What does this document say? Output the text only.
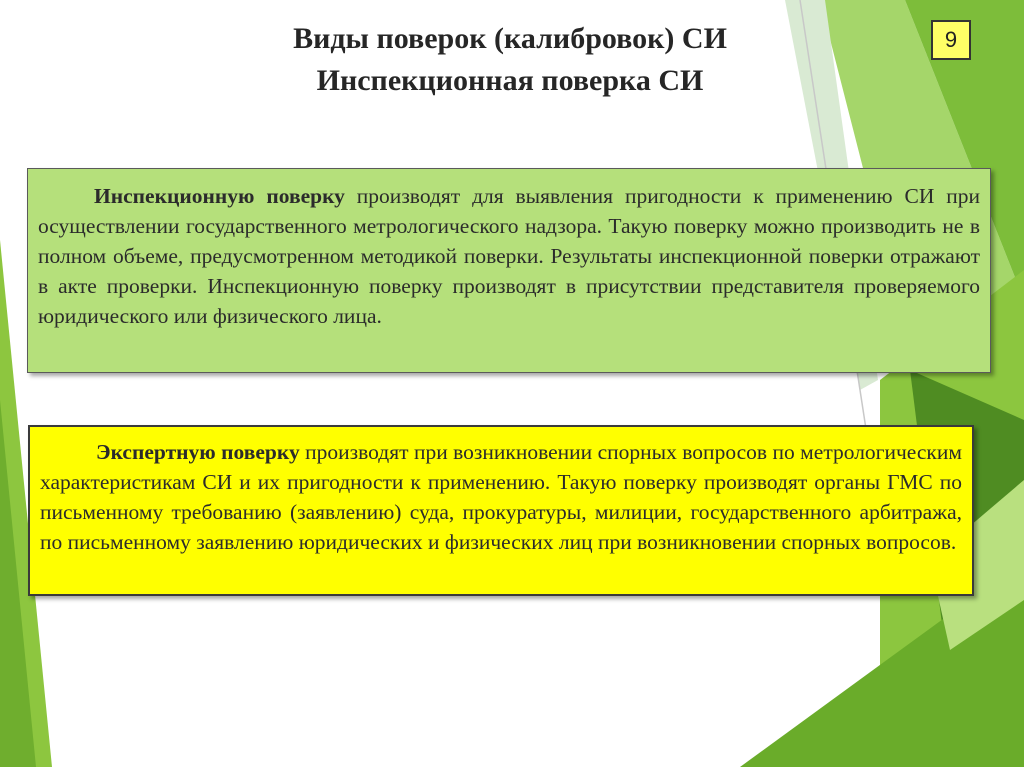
Виды поверок (калибровок) СИ
Инспекционная поверка СИ
9
Инспекционную поверку производят для выявления пригодности к применению СИ при осуществлении государственного метрологического надзора. Такую поверку можно производить не в полном объеме, предусмотренном методикой поверки. Результаты инспекционной поверки отражают в акте проверки. Инспекционную поверку производят в присутствии представителя проверяемого юридического или физического лица.
Экспертную поверку производят при возникновении спорных вопросов по метрологическим характеристикам СИ и их пригодности к применению. Такую поверку производят органы ГМС по письменному требованию (заявлению) суда, прокуратуры, милиции, государственного арбитража, по письменному заявлению юридических и физических лиц при возникновении спорных вопросов.
